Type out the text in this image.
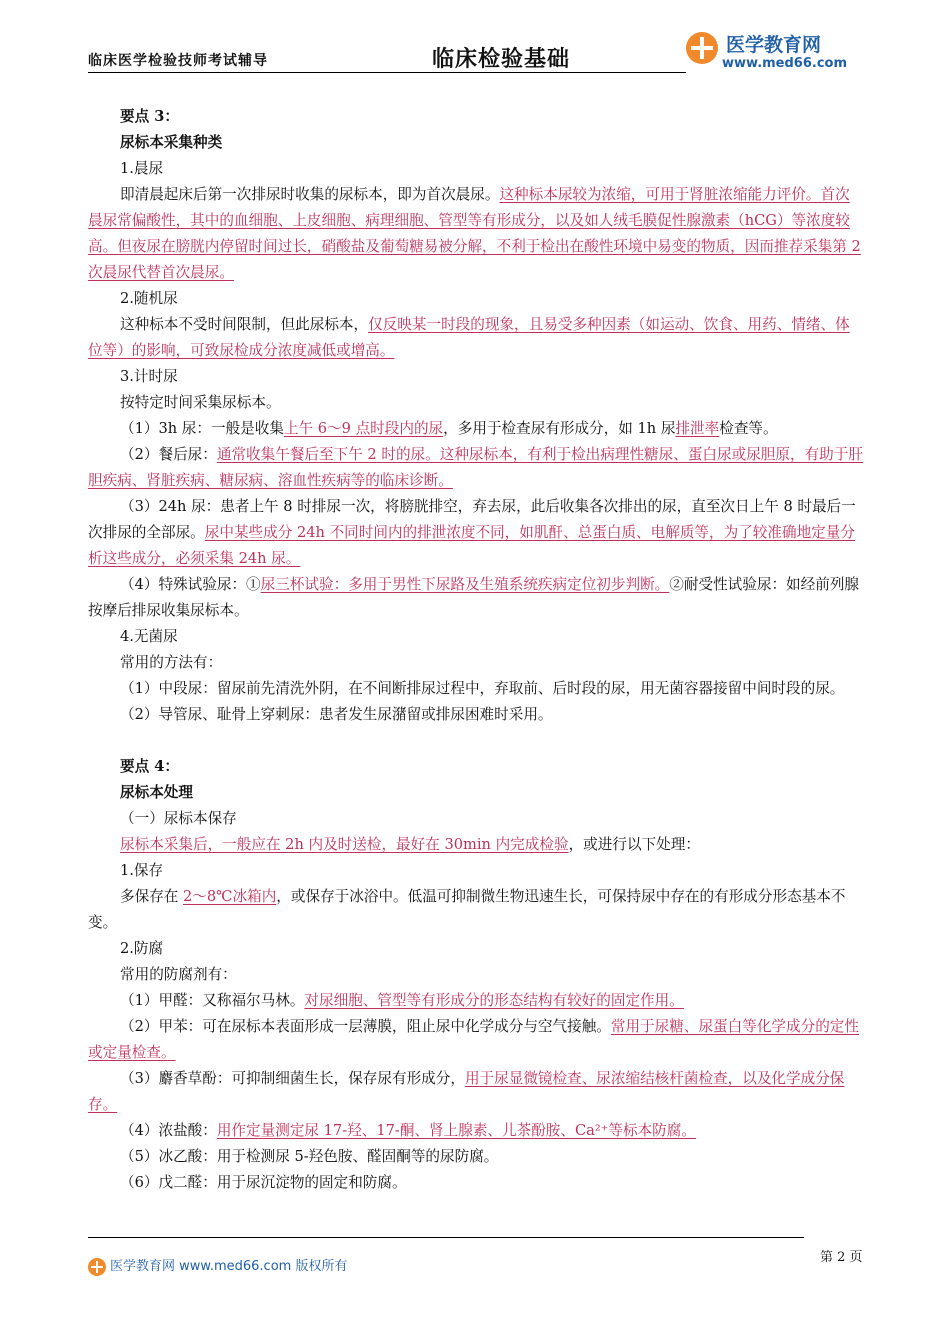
临床医学检验技师考试辅导	临床检验基础
医学教育网
www.med66.com

要点 3：

尿标本采集种类

1.晨尿

即清晨起床后第一次排尿时收集的尿标本，即为首次晨尿。这种标本尿较为浓缩，可用于肾脏浓缩能力评价。首次晨尿常偏酸性，其中的血细胞、上皮细胞、病理细胞、管型等有形成分，以及如人绒毛膜促性腺激素（hCG）等浓度较高。但夜尿在膀胱内停留时间过长，硝酸盐及葡萄糖易被分解，不利于检出在酸性环境中易变的物质，因而推荐采集第 2 次晨尿代替首次晨尿。

2.随机尿

这种标本不受时间限制，但此尿标本，仅反映某一时段的现象，且易受多种因素（如运动、饮食、用药、情绪、体位等）的影响，可致尿检成分浓度减低或增高。

3.计时尿

按特定时间采集尿标本。

（1）3h 尿：一般是收集上午 6～9 点时段内的尿，多用于检查尿有形成分，如 1h 尿排泄率检查等。

（2）餐后尿：通常收集午餐后至下午 2 时的尿。这种尿标本，有利于检出病理性糖尿、蛋白尿或尿胆原，有助于肝胆疾病、肾脏疾病、糖尿病、溶血性疾病等的临床诊断。

（3）24h 尿：患者上午 8 时排尿一次，将膀胱排空，弃去尿，此后收集各次排出的尿，直至次日上午 8 时最后一次排尿的全部尿。尿中某些成分 24h 不同时间内的排泄浓度不同，如肌酐、总蛋白质、电解质等，为了较准确地定量分析这些成分，必须采集 24h 尿。

（4）特殊试验尿：①尿三杯试验：多用于男性下尿路及生殖系统疾病定位初步判断。②耐受性试验尿：如经前列腺按摩后排尿收集尿标本。

4.无菌尿

常用的方法有：

（1）中段尿：留尿前先清洗外阴，在不间断排尿过程中，弃取前、后时段的尿，用无菌容器接留中间时段的尿。

（2）导管尿、耻骨上穿刺尿：患者发生尿潴留或排尿困难时采用。

要点 4：

尿标本处理

（一）尿标本保存

尿标本采集后，一般应在 2h 内及时送检，最好在 30min 内完成检验，或进行以下处理：

1.保存

多保存在 2～8℃冰箱内，或保存于冰浴中。低温可抑制微生物迅速生长，可保持尿中存在的有形成分形态基本不变。

2.防腐

常用的防腐剂有：

（1）甲醛：又称福尔马林。对尿细胞、管型等有形成分的形态结构有较好的固定作用。

（2）甲苯：可在尿标本表面形成一层薄膜，阻止尿中化学成分与空气接触。常用于尿糖、尿蛋白等化学成分的定性或定量检查。

（3）麝香草酚：可抑制细菌生长，保存尿有形成分，用于尿显微镜检查、尿浓缩结核杆菌检查，以及化学成分保存。

（4）浓盐酸：用作定量测定尿 17-羟、17-酮、肾上腺素、儿茶酚胺、Ca²⁺等标本防腐。

（5）冰乙酸：用于检测尿 5-羟色胺、醛固酮等的尿防腐。

（6）戊二醛：用于尿沉淀物的固定和防腐。

医学教育网 www.med66.com 版权所有
第 2 页
